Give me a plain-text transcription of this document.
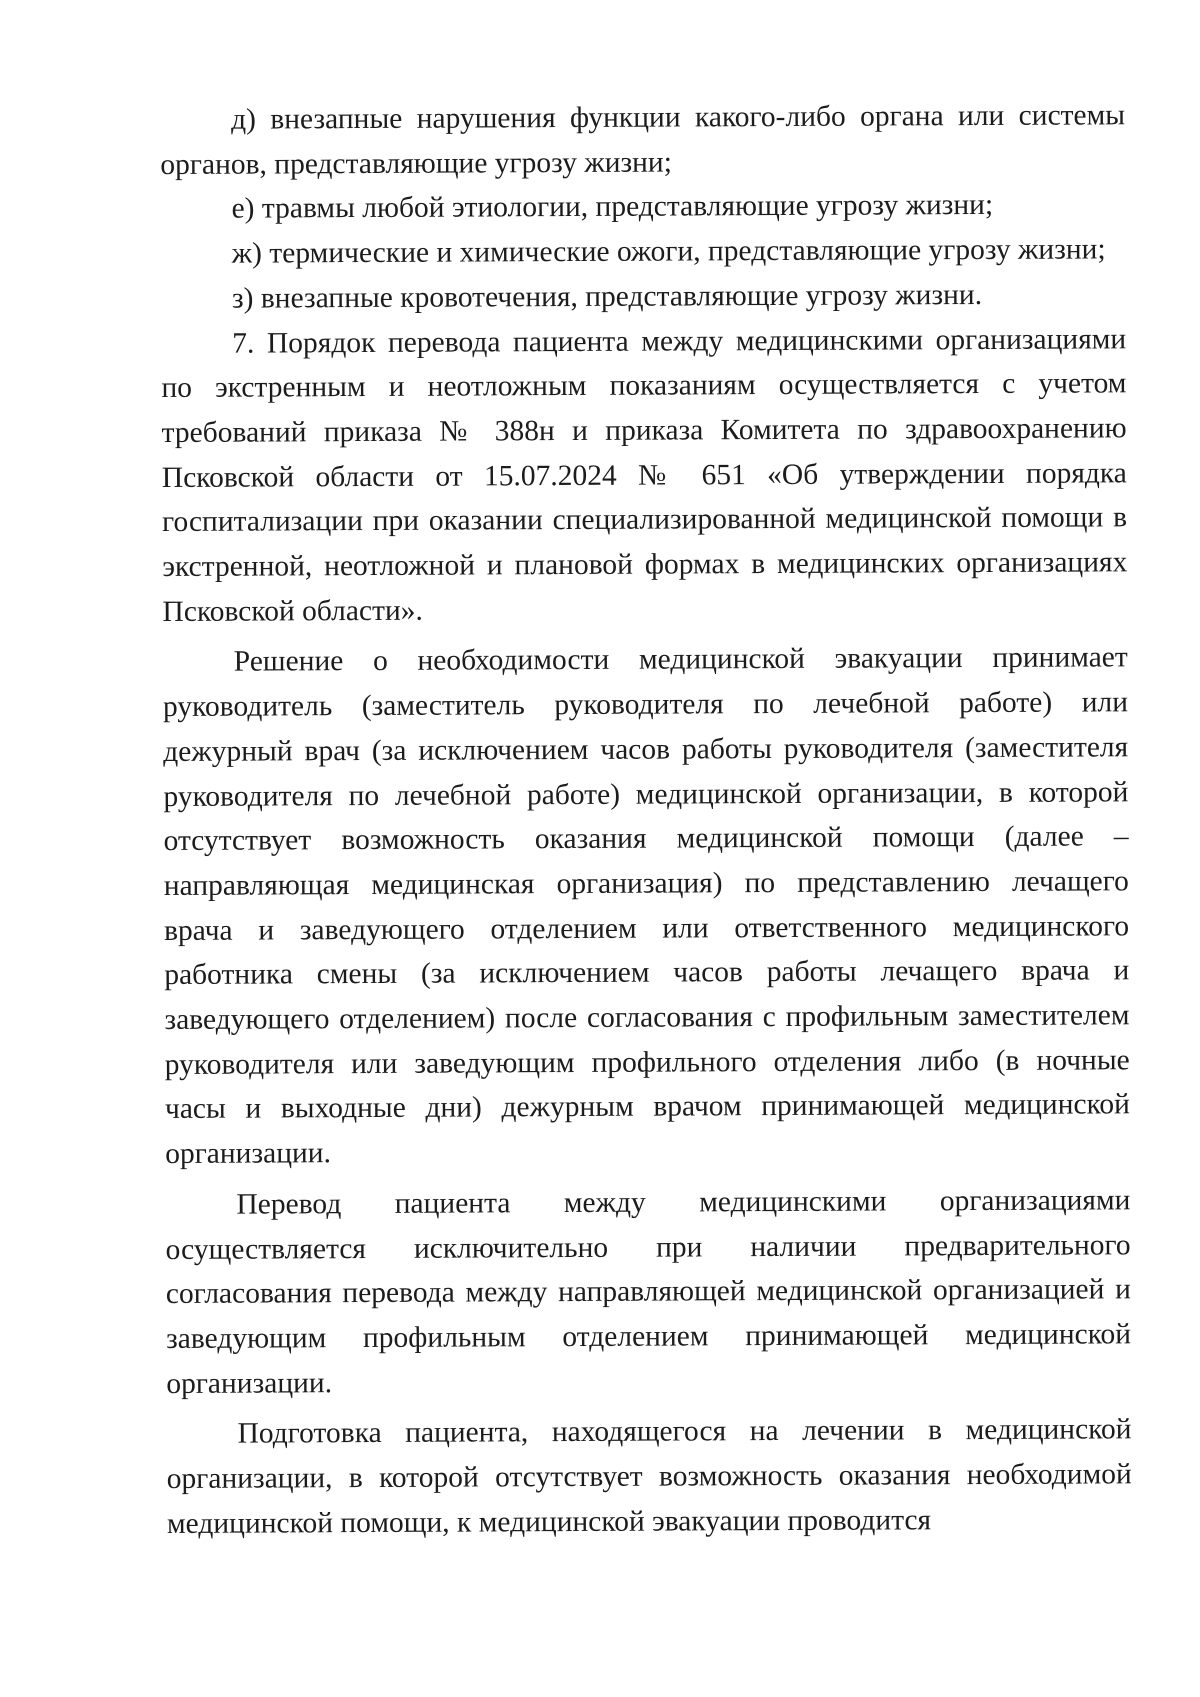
д) внезапные нарушения функции какого-либо органа или системы органов, представляющие угрозу жизни;

е) травмы любой этиологии, представляющие угрозу жизни;

ж) термические и химические ожоги, представляющие угрозу жизни;

з) внезапные кровотечения, представляющие угрозу жизни.

7. Порядок перевода пациента между медицинскими организациями по экстренным и неотложным показаниям осуществляется с учетом требований приказа № 388н и приказа Комитета по здравоохранению Псковской области от 15.07.2024 № 651 «Об утверждении порядка госпитализации при оказании специализированной медицинской помощи в экстренной, неотложной и плановой формах в медицинских организациях Псковской области».

Решение о необходимости медицинской эвакуации принимает руководитель (заместитель руководителя по лечебной работе) или дежурный врач (за исключением часов работы руководителя (заместителя руководителя по лечебной работе) медицинской организации, в которой отсутствует возможность оказания медицинской помощи (далее – направляющая медицинская организация) по представлению лечащего врача и заведующего отделением или ответственного медицинского работника смены (за исключением часов работы лечащего врача и заведующего отделением) после согласования с профильным заместителем руководителя или заведующим профильного отделения либо (в ночные часы и выходные дни) дежурным врачом принимающей медицинской организации.

Перевод пациента между медицинскими организациями осуществляется исключительно при наличии предварительного согласования перевода между направляющей медицинской организацией и заведующим профильным отделением принимающей медицинской организации.

Подготовка пациента, находящегося на лечении в медицинской организации, в которой отсутствует возможность оказания необходимой медицинской помощи, к медицинской эвакуации проводится
